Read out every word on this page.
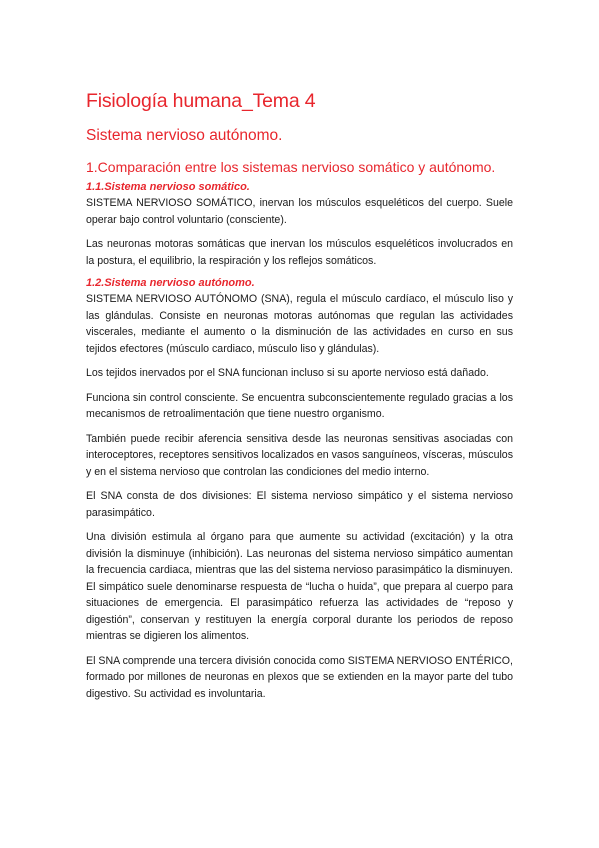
Fisiología humana_Tema 4
Sistema nervioso autónomo.
1.Comparación entre los sistemas nervioso somático y autónomo.
1.1.Sistema nervioso somático.

SISTEMA NERVIOSO SOMÁTICO, inervan los músculos esqueléticos del cuerpo. Suele operar bajo control voluntario (consciente).

Las neuronas motoras somáticas que inervan los músculos esqueléticos involucrados en la postura, el equilibrio, la respiración y los reflejos somáticos.

1.2.Sistema nervioso autónomo.

SISTEMA NERVIOSO AUTÓNOMO (SNA), regula el músculo cardíaco, el músculo liso y las glándulas. Consiste en neuronas motoras autónomas que regulan las actividades viscerales, mediante el aumento o la disminución de las actividades en curso en sus tejidos efectores (músculo cardiaco, músculo liso y glándulas).

Los tejidos inervados por el SNA funcionan incluso si su aporte nervioso está dañado.

Funciona sin control consciente. Se encuentra subconscientemente regulado gracias a los mecanismos de retroalimentación que tiene nuestro organismo.

También puede recibir aferencia sensitiva desde las neuronas sensitivas asociadas con interoceptores, receptores sensitivos localizados en vasos sanguíneos, vísceras, músculos y en el sistema nervioso que controlan las condiciones del medio interno.

El SNA consta de dos divisiones: El sistema nervioso simpático y el sistema nervioso parasimpático.

Una división estimula al órgano para que aumente su actividad (excitación) y la otra división la disminuye (inhibición). Las neuronas del sistema nervioso simpático aumentan la frecuencia cardiaca, mientras que las del sistema nervioso parasimpático la disminuyen. El simpático suele denominarse respuesta de “lucha o huida”, que prepara al cuerpo para situaciones de emergencia. El parasimpático refuerza las actividades de “reposo y digestión”, conservan y restituyen la energía corporal durante los periodos de reposo mientras se digieren los alimentos.

El SNA comprende una tercera división conocida como SISTEMA NERVIOSO ENTÉRICO, formado por millones de neuronas en plexos que se extienden en la mayor parte del tubo digestivo. Su actividad es involuntaria.
